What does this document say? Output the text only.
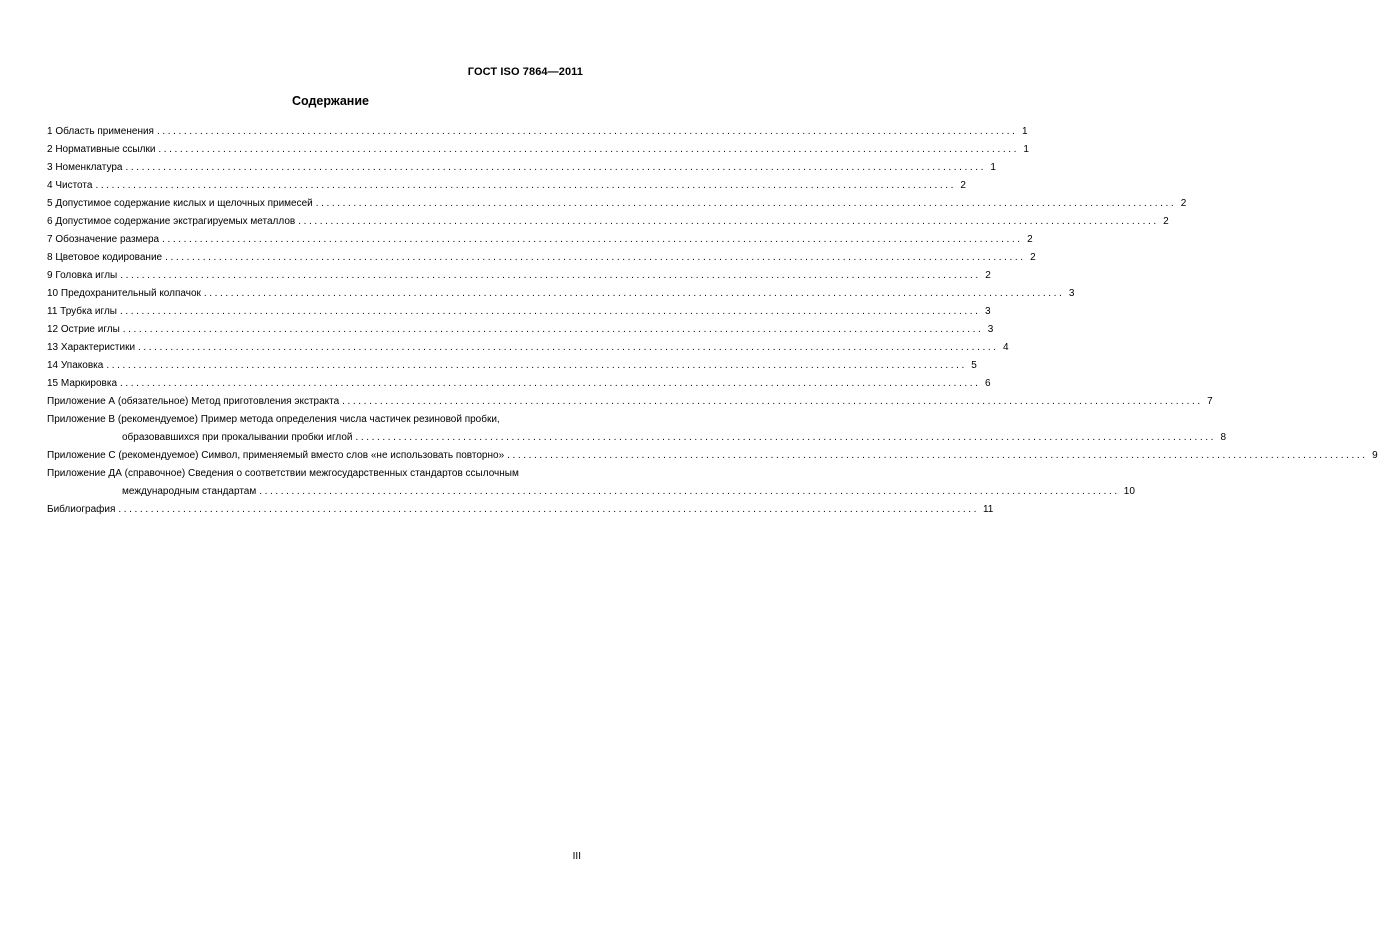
ГОСТ ISO 7864—2011
Содержание
1 Область применения ................................................................................................................................................................ 1
2 Нормативные ссылки ................................................................................................................................................................ 1
3 Номенклатура ................................................................................................................................................................ 1
4 Чистота ................................................................................................................................................................ 2
5 Допустимое содержание кислых и щелочных примесей ................................................................................................................................................................ 2
6 Допустимое содержание экстрагируемых металлов ................................................................................................................................................................ 2
7 Обозначение размера ................................................................................................................................................................ 2
8 Цветовое кодирование ................................................................................................................................................................ 2
9 Головка иглы ................................................................................................................................................................ 2
10 Предохранительный колпачок ................................................................................................................................................................ 3
11 Трубка иглы ................................................................................................................................................................ 3
12 Острие иглы ................................................................................................................................................................ 3
13 Характеристики ................................................................................................................................................................ 4
14 Упаковка ................................................................................................................................................................ 5
15 Маркировка ................................................................................................................................................................ 6
Приложение А (обязательное) Метод приготовления экстракта ................................................................................................................................................................ 7
Приложение В (рекомендуемое) Пример метода определения числа частичек резиновой пробки,
образовавшихся при прокалывании пробки иглой ................................................................................................................................................................ 8
Приложение С (рекомендуемое) Символ, применяемый вместо слов «не использовать повторно» ................................................................................................................................................................ 9
Приложение ДА (справочное) Сведения о соответствии межгосударственных стандартов ссылочным
международным стандартам ................................................................................................................................................................ 10
Библиография ................................................................................................................................................................ 11
III
